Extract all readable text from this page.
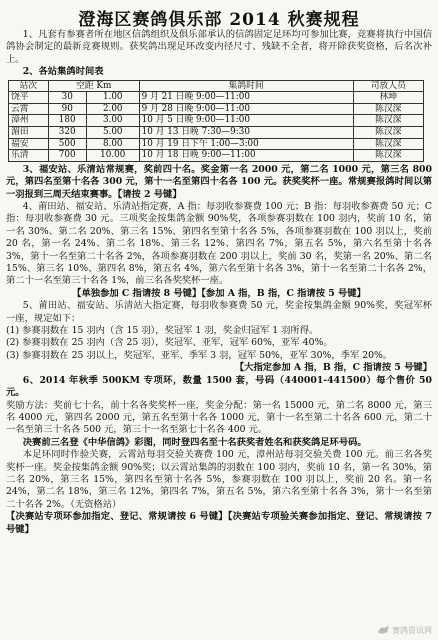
澄海区赛鸽俱乐部 2014 秋赛规程
1、凡套有参赛者所在地区信鸽组织及俱乐部承认的信鸽固定足环均可参加比赛，竞赛将执行中国信鸽协会制定的最新竞赛规则。获奖鸽出现足环改变内径尺寸、残缺不全者，将开除获奖资格，后名次补上。
2、各站集鸽时间表
站次	空距 Km		集鸽时间	司放人员
饶平	30	1.00	9 月 21 日晚 9:00—11:00	林坤
云霄	90	2.00	9 月 28 日晚 9:00—11:00	陈汉深
漳州	180	3.00	10 月 5 日晚 9:00—11:00	陈汉深
湄田	320	5.00	10 月 13 日晚 7:30—9:30	陈汉深
福安	500	8.00	10 月 19 日下午 1:00—3:00	陈汉深
乐清	700	10.00	10 月 18 日晚 9:00—11:00	陈汉深
3、福安站、乐清站常规赛，奖前四十名。奖金第一名 2000 元，第二名 1000 元，第三名 800 元，第四名至第十名各 300 元，第十一名至第四十名各 100 元。获奖奖杯一座。常规赛报鸽时间以第一羽报到三周天结束赛事。【请按 2 号键】
4、莆田站、福安站、乐清站指定赛，A 指：每羽收参赛费 100 元；B 指：每羽收参赛费 50 元；C 指：每羽收参赛费 30 元。三项奖金按集鸽金额 90%奖，各项参赛羽数在 100 羽内，奖前 10 名，第一名 30%、第二名 20%、第三名 15%、第四名至第十名各 5%，各项参赛羽数在 100 羽以上，奖前 20 名，第一名 24%、第二名 18%、第三名 12%、第四名 7%，第五名 5%，第六名至第十名各 3%，第十一名至第二十名各 2%，各项参赛羽数在 200 羽以上，奖前 30 名，奖第一名 20%、第二名 15%、第三名 10%、第四名 8%，第五名 4%，第六名至第十名各 3%，第十一名至第二十名各 2%，第二十一名至第三十名各 1%，前三名各奖奖杯一座。
【单独参加 C 指请按 8 号键】【参加 A 指，B 指，C 指请按 5 号键】
5、莆田站、福安站、乐清站大指定赛，每羽收参赛费 50 元，奖金按集鸽金额 90%奖，奖冠军杯一座，规定如下：
(1) 参赛羽数在 15 羽内（含 15 羽），奖冠军 1 羽，奖金归冠军 1 羽所得。
(2) 参赛羽数在 25 羽内（含 25 羽），奖冠军、亚军，冠军 60%，亚军 40%。
(3) 参赛羽数在 25 羽以上，奖冠军、亚军、季军 3 羽，冠军 50%，亚军 30%，季军 20%。
【大指定参加 A 指，B 指，C 指请按 5 号键】
6、2014 年秋季 500KM 专项环，数量 1500 套，号码（440001-441500）每个售价 50 元。
奖励方法：奖前七十名，前十名各奖奖杯一座，奖金分配：第一名 15000 元，第二名 8000 元，第三名 4000 元，第四名 2000 元，第五名至第十名各 1000 元，第十一名至第二十名各 600 元，第二十一名至第三十名各 500 元，第三十一名至第七十名各 400 元。
决赛前三名登《中华信鸽》彩图，同时登四名至十名获奖者姓名和获奖鸽足环号码。
本足环同时作验关赛，云霄站每羽交验关赛费 100 元，漳州站每羽交验关费 100 元。前三名各奖奖杯一座。奖金按集鸽金额 90%奖；以云霄站集鸽的羽数在 100 羽内，奖前 10 名，第一名 30%，第二名 20%，第三名 15%，第四名至第十名各 5%，参赛羽数在 100 羽以上，奖前 20 名。第一名 24%，第二名 18%，第三名 12%，第四名 7%，第五名 5%，第六名至第十名各 3%，第十一名至第二十名各 2%。（无资格站）
【决赛站专项环参加指定、登记、常规请按 6 号键】【决赛站专项验关赛参加指定、登记、常规请按 7 号键】
赛鸽资讯网
